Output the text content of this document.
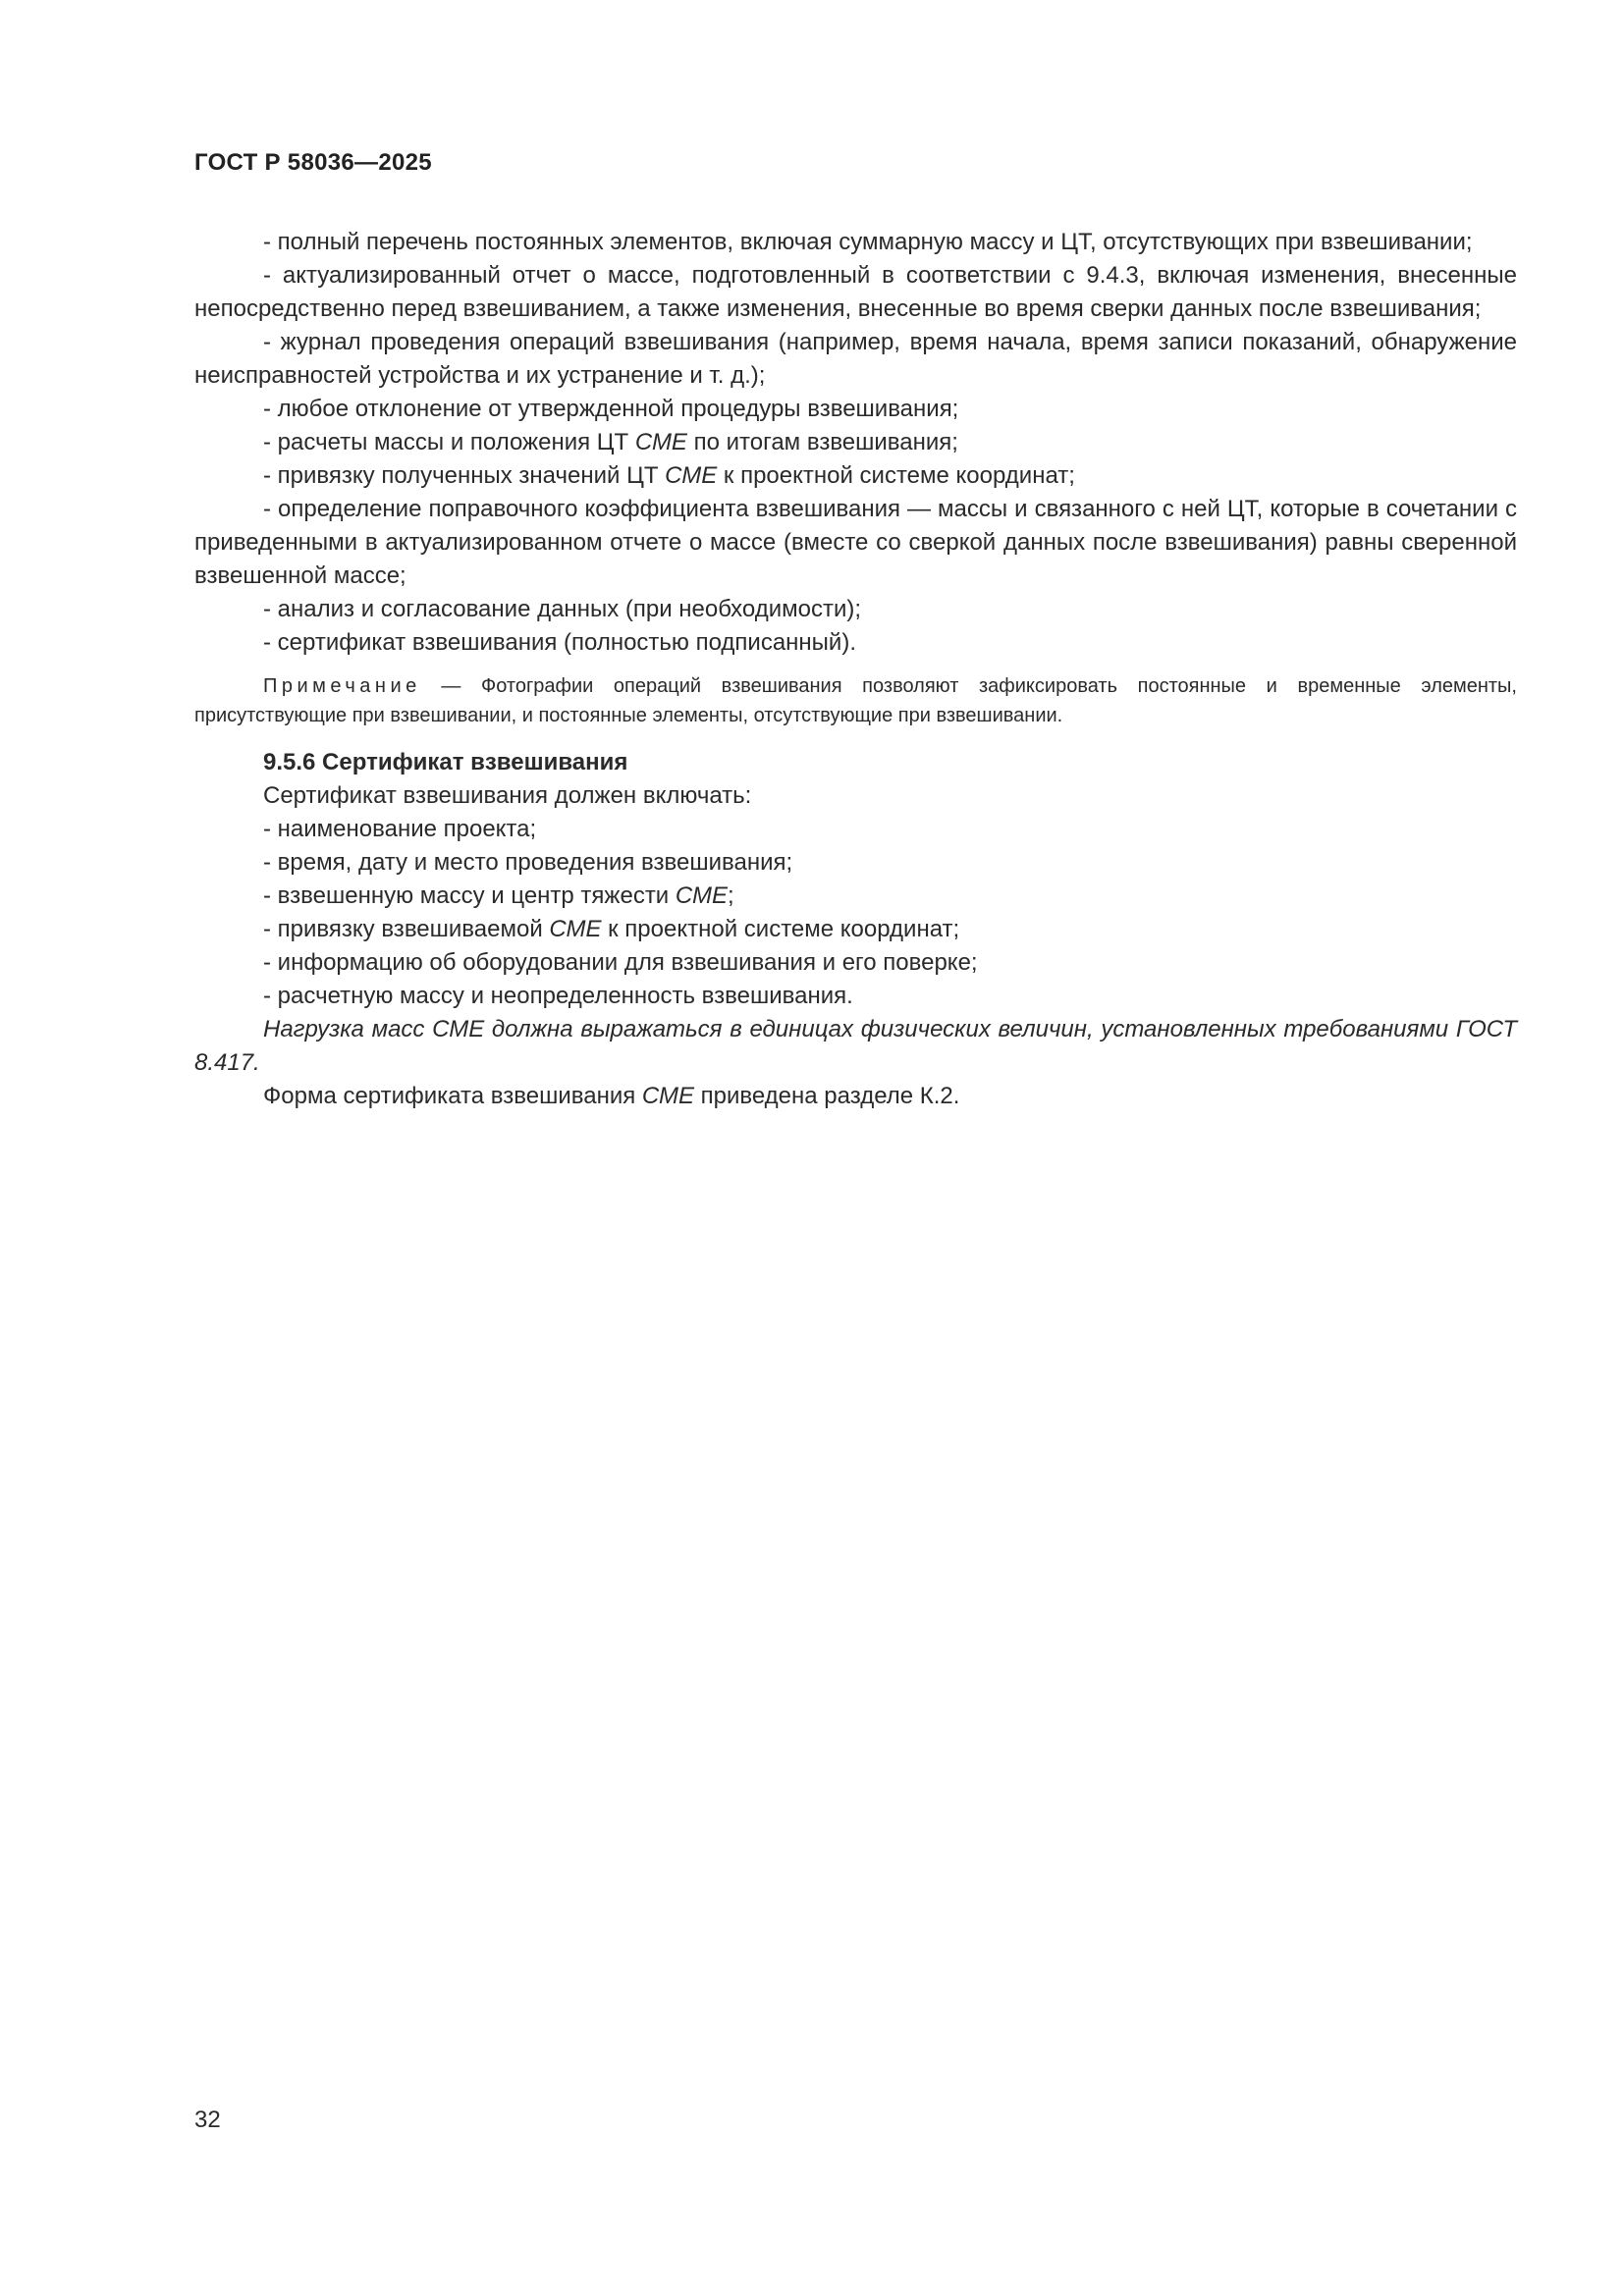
ГОСТ Р 58036—2025

- полный перечень постоянных элементов, включая суммарную массу и ЦТ, отсутствующих при взвешивании;

- актуализированный отчет о массе, подготовленный в соответствии с 9.4.3, включая изменения, внесенные непосредственно перед взвешиванием, а также изменения, внесенные во время сверки данных после взвешивания;

- журнал проведения операций взвешивания (например, время начала, время записи показаний, обнаружение неисправностей устройства и их устранение и т. д.);

- любое отклонение от утвержденной процедуры взвешивания;

- расчеты массы и положения ЦТ СМЕ по итогам взвешивания;

- привязку полученных значений ЦТ СМЕ к проектной системе координат;

- определение поправочного коэффициента взвешивания — массы и связанного с ней ЦТ, которые в сочетании с приведенными в актуализированном отчете о массе (вместе со сверкой данных после взвешивания) равны сверенной взвешенной массе;

- анализ и согласование данных (при необходимости);

- сертификат взвешивания (полностью подписанный).

Примечание — Фотографии операций взвешивания позволяют зафиксировать постоянные и временные элементы, присутствующие при взвешивании, и постоянные элементы, отсутствующие при взвешивании.

9.5.6 Сертификат взвешивания

Сертификат взвешивания должен включать:

- наименование проекта;

- время, дату и место проведения взвешивания;

- взвешенную массу и центр тяжести СМЕ;

- привязку взвешиваемой СМЕ к проектной системе координат;

- информацию об оборудовании для взвешивания и его поверке;

- расчетную массу и неопределенность взвешивания.

Нагрузка масс СМЕ должна выражаться в единицах физических величин, установленных требованиями ГОСТ 8.417.

Форма сертификата взвешивания СМЕ приведена разделе К.2.

32
